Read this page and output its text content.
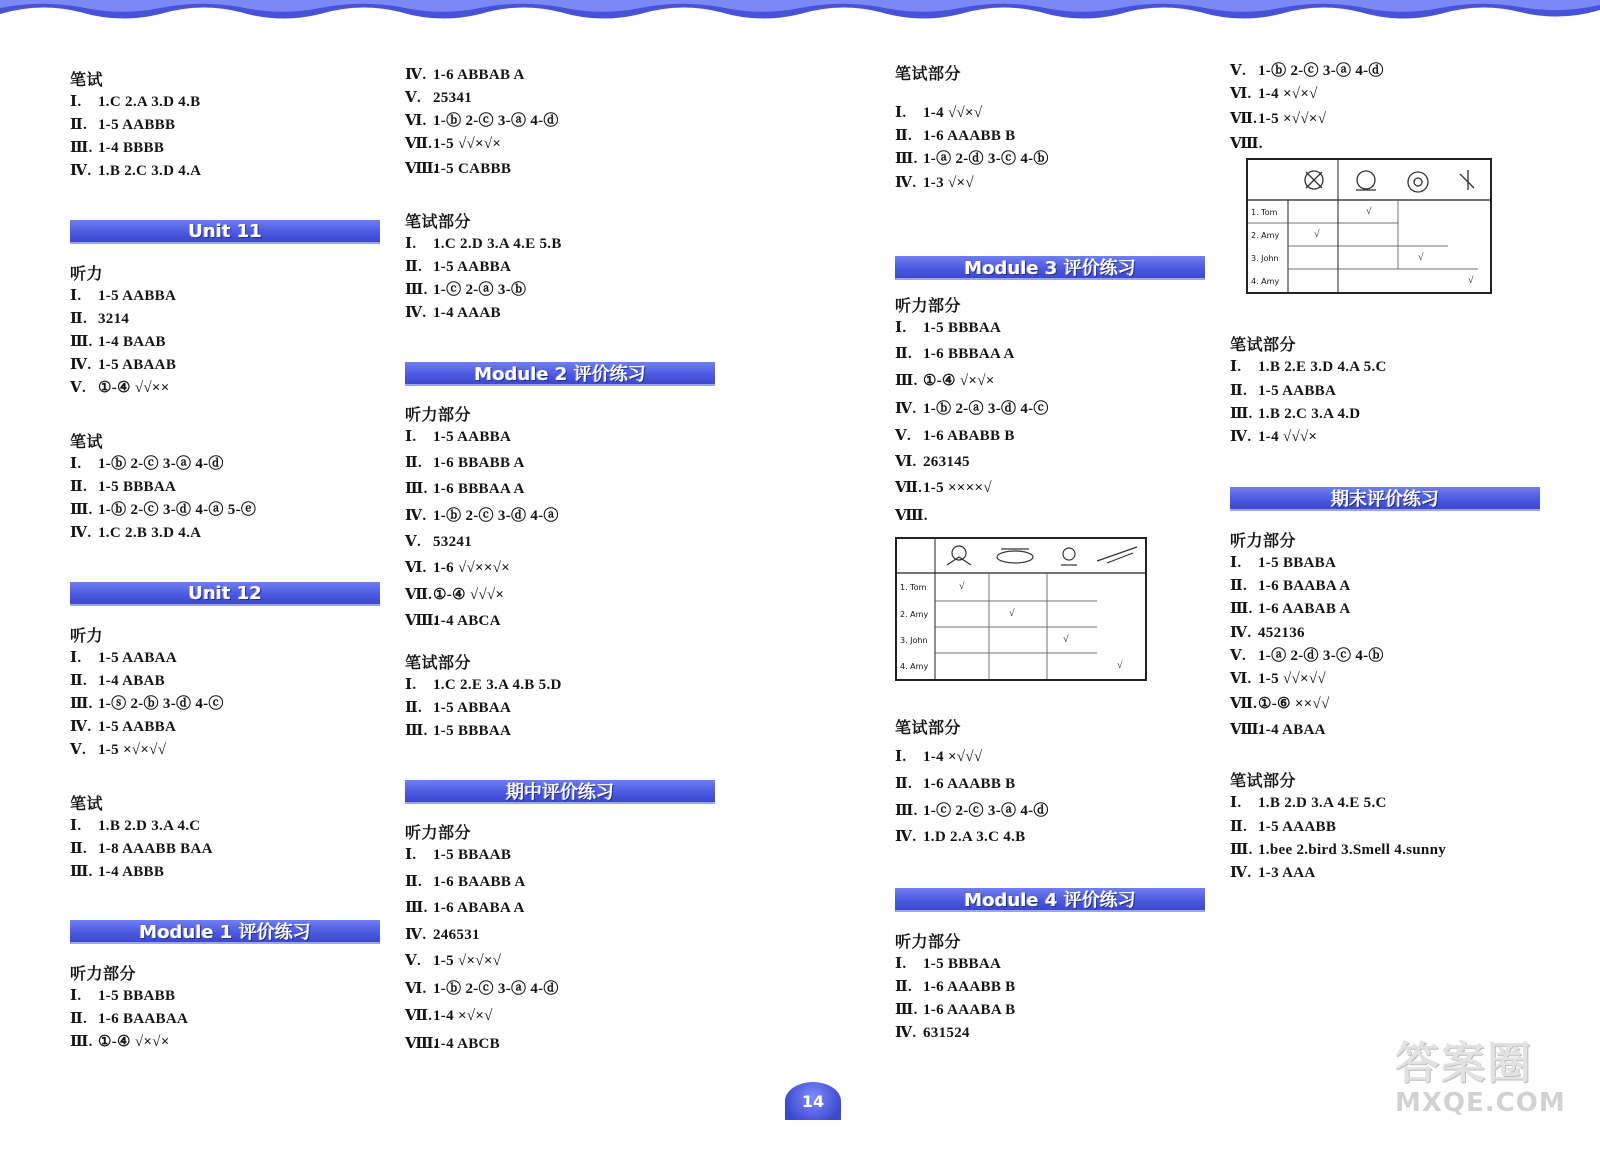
笔试
Ⅰ. 1.C 2.A 3.D 4.B
Ⅱ. 1-5 AABBB
Ⅲ. 1-4 BBBB
Ⅳ. 1.B 2.C 3.D 4.A
Unit 11
听力
Ⅰ. 1-5 AABBA
Ⅱ. 3214
Ⅲ. 1-4 BAAB
Ⅳ. 1-5 ABAAB
Ⅴ. ①-④ √√××
笔试
Ⅰ. 1-ⓑ 2-ⓒ 3-ⓐ 4-ⓓ
Ⅱ. 1-5 BBBAA
Ⅲ. 1-ⓑ 2-ⓒ 3-ⓓ 4-ⓐ 5-ⓔ
Ⅳ. 1.C 2.B 3.D 4.A
Unit 12
听力
Ⅰ. 1-5 AABAA
Ⅱ. 1-4 ABAB
Ⅲ. 1-ⓢ 2-ⓑ 3-ⓓ 4-ⓒ
Ⅳ. 1-5 AABBA
Ⅴ. 1-5 ×√×√√
笔试
Ⅰ. 1.B 2.D 3.A 4.C
Ⅱ. 1-8 AAABB BAA
Ⅲ. 1-4 ABBB
Module 1 评价练习
听力部分
Ⅰ. 1-5 BBABB
Ⅱ. 1-6 BAABAA
Ⅲ. ①-④ √×√×
Ⅳ. 1-6 ABBAB A
Ⅴ. 25341
Ⅵ. 1-ⓑ 2-ⓒ 3-ⓐ 4-ⓓ
Ⅶ.1-5 √√×√×
Ⅷ.1-5 CABBB
笔试部分
Ⅰ. 1.C 2.D 3.A 4.E 5.B
Ⅱ. 1-5 AABBA
Ⅲ. 1-ⓒ 2-ⓐ 3-ⓑ
Ⅳ. 1-4 AAAB
Module 2 评价练习
听力部分
Ⅰ. 1-5 AABBA
Ⅱ. 1-6 BBABB A
Ⅲ. 1-6 BBBAA A
Ⅳ. 1-ⓑ 2-ⓒ 3-ⓓ 4-ⓐ
Ⅴ. 53241
Ⅵ. 1-6 √√××√×
Ⅶ.①-④ √√√×
Ⅷ.1-4 ABCA
笔试部分
Ⅰ. 1.C 2.E 3.A 4.B 5.D
Ⅱ. 1-5 ABBAA
Ⅲ. 1-5 BBBAA
期中评价练习
听力部分
Ⅰ. 1-5 BBAAB
Ⅱ. 1-6 BAABB A
Ⅲ. 1-6 ABABA A
Ⅳ. 246531
Ⅴ. 1-5 √×√×√
Ⅵ. 1-ⓑ 2-ⓒ 3-ⓐ 4-ⓓ
Ⅶ.1-4 ×√×√
Ⅷ.1-4 ABCB
笔试部分
Ⅰ. 1-4 √√×√
Ⅱ. 1-6 AAABB B
Ⅲ. 1-ⓐ 2-ⓓ 3-ⓒ 4-ⓑ
Ⅳ. 1-3 √×√
Module 3 评价练习
听力部分
Ⅰ. 1-5 BBBAA
Ⅱ. 1-6 BBBAA A
Ⅲ. ①-④ √×√×
Ⅳ. 1-ⓑ 2-ⓐ 3-ⓓ 4-ⓒ
Ⅴ. 1-6 ABABB B
Ⅵ. 263145
Ⅶ.1-5 ××××√
Ⅷ.
1. Tom
2. Amy
3. John
4. Amy
√
√
√
√
笔试部分
Ⅰ. 1-4 ×√√√
Ⅱ. 1-6 AAABB B
Ⅲ. 1-ⓒ 2-ⓒ 3-ⓐ 4-ⓓ
Ⅳ. 1.D 2.A 3.C 4.B
Module 4 评价练习
听力部分
Ⅰ. 1-5 BBBAA
Ⅱ. 1-6 AAABB B
Ⅲ. 1-6 AAABA B
Ⅳ. 631524
Ⅴ. 1-ⓑ 2-ⓒ 3-ⓐ 4-ⓓ
Ⅵ. 1-4 ×√×√
Ⅶ.1-5 ×√√×√
Ⅷ.
1. Tom
2. Amy
3. John
4. Amy
√
√
√
√
笔试部分
Ⅰ. 1.B 2.E 3.D 4.A 5.C
Ⅱ. 1-5 AABBA
Ⅲ. 1.B 2.C 3.A 4.D
Ⅳ. 1-4 √√√×
期末评价练习
听力部分
Ⅰ. 1-5 BBABA
Ⅱ. 1-6 BAABA A
Ⅲ. 1-6 AABAB A
Ⅳ. 452136
Ⅴ. 1-ⓐ 2-ⓓ 3-ⓒ 4-ⓑ
Ⅵ. 1-5 √√×√√
Ⅶ.①-⑥ ××√√
Ⅷ.1-4 ABAA
笔试部分
Ⅰ. 1.B 2.D 3.A 4.E 5.C
Ⅱ. 1-5 AAABB
Ⅲ. 1.bee 2.bird 3.Smell 4.sunny
Ⅳ. 1-3 AAA
14
答案圈
MXQE.COM
